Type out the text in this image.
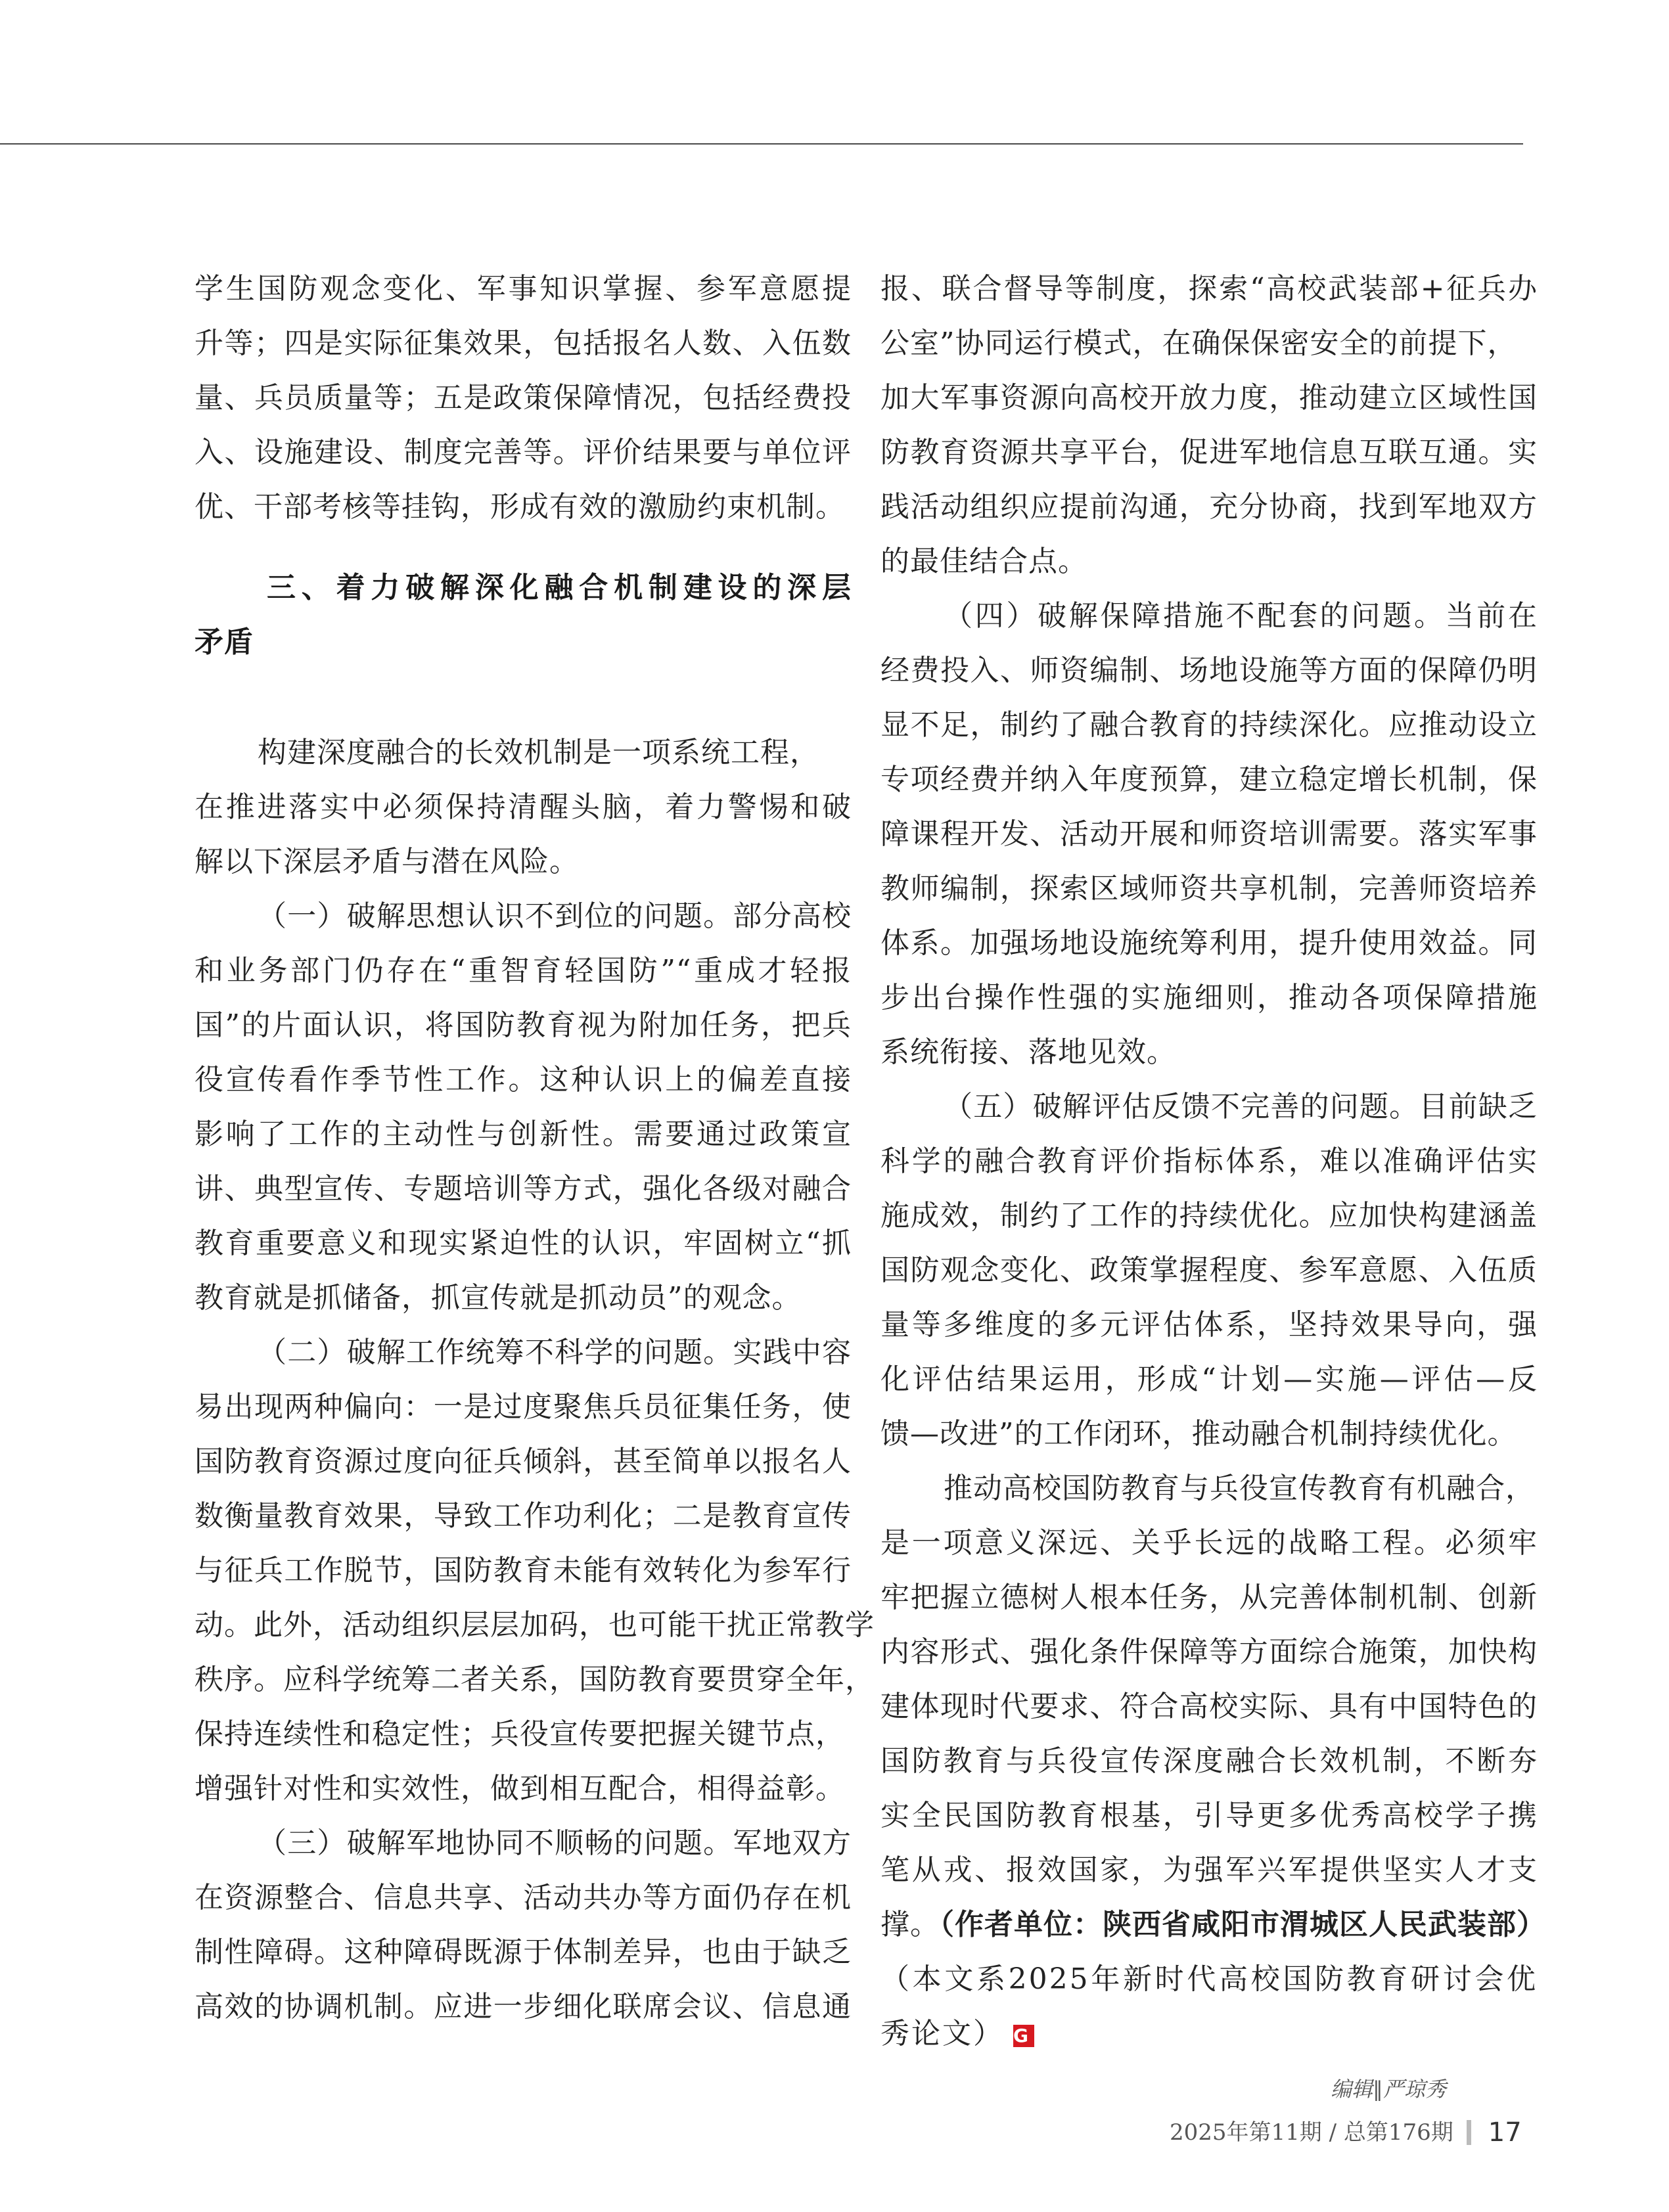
学生国防观念变化、军事知识掌握、参军意愿提
升等；四是实际征集效果，包括报名人数、入伍数
量、兵员质量等；五是政策保障情况，包括经费投
入、设施建设、制度完善等。评价结果要与单位评
优、干部考核等挂钩，形成有效的激励约束机制。
三、着力破解深化融合机制建设的深层
矛盾
构建深度融合的长效机制是一项系统工程，
在推进落实中必须保持清醒头脑，着力警惕和破
解以下深层矛盾与潜在风险。
（一）破解思想认识不到位的问题。部分高校
和业务部门仍存在“重智育轻国防”“重成才轻报
国”的片面认识，将国防教育视为附加任务，把兵
役宣传看作季节性工作。这种认识上的偏差直接
影响了工作的主动性与创新性。需要通过政策宣
讲、典型宣传、专题培训等方式，强化各级对融合
教育重要意义和现实紧迫性的认识，牢固树立“抓
教育就是抓储备，抓宣传就是抓动员”的观念。
（二）破解工作统筹不科学的问题。实践中容
易出现两种偏向：一是过度聚焦兵员征集任务，使
国防教育资源过度向征兵倾斜，甚至简单以报名人
数衡量教育效果，导致工作功利化；二是教育宣传
与征兵工作脱节，国防教育未能有效转化为参军行
动。此外，活动组织层层加码，也可能干扰正常教学
秩序。应科学统筹二者关系，国防教育要贯穿全年，
保持连续性和稳定性；兵役宣传要把握关键节点，
增强针对性和实效性，做到相互配合，相得益彰。
（三）破解军地协同不顺畅的问题。军地双方
在资源整合、信息共享、活动共办等方面仍存在机
制性障碍。这种障碍既源于体制差异，也由于缺乏
高效的协调机制。应进一步细化联席会议、信息通
报、联合督导等制度，探索“高校武装部+征兵办
公室”协同运行模式，在确保保密安全的前提下，
加大军事资源向高校开放力度，推动建立区域性国
防教育资源共享平台，促进军地信息互联互通。实
践活动组织应提前沟通，充分协商，找到军地双方
的最佳结合点。
（四）破解保障措施不配套的问题。当前在
经费投入、师资编制、场地设施等方面的保障仍明
显不足，制约了融合教育的持续深化。应推动设立
专项经费并纳入年度预算，建立稳定增长机制，保
障课程开发、活动开展和师资培训需要。落实军事
教师编制，探索区域师资共享机制，完善师资培养
体系。加强场地设施统筹利用，提升使用效益。同
步出台操作性强的实施细则，推动各项保障措施
系统衔接、落地见效。
（五）破解评估反馈不完善的问题。目前缺乏
科学的融合教育评价指标体系，难以准确评估实
施成效，制约了工作的持续优化。应加快构建涵盖
国防观念变化、政策掌握程度、参军意愿、入伍质
量等多维度的多元评估体系，坚持效果导向，强
化评估结果运用，形成“计划—实施—评估—反
馈—改进”的工作闭环，推动融合机制持续优化。
推动高校国防教育与兵役宣传教育有机融合，
是一项意义深远、关乎长远的战略工程。必须牢
牢把握立德树人根本任务，从完善体制机制、创新
内容形式、强化条件保障等方面综合施策，加快构
建体现时代要求、符合高校实际、具有中国特色的
国防教育与兵役宣传深度融合长效机制，不断夯
实全民国防教育根基，引导更多优秀高校学子携
笔从戎、报效国家，为强军兴军提供坚实人才支
撑。（作者单位：陕西省咸阳市渭城区人民武装部）
（本文系2025年新时代高校国防教育研讨会优
秀论文） G
编辑∥严琼秀
2025年第11期 / 总第176期 17
